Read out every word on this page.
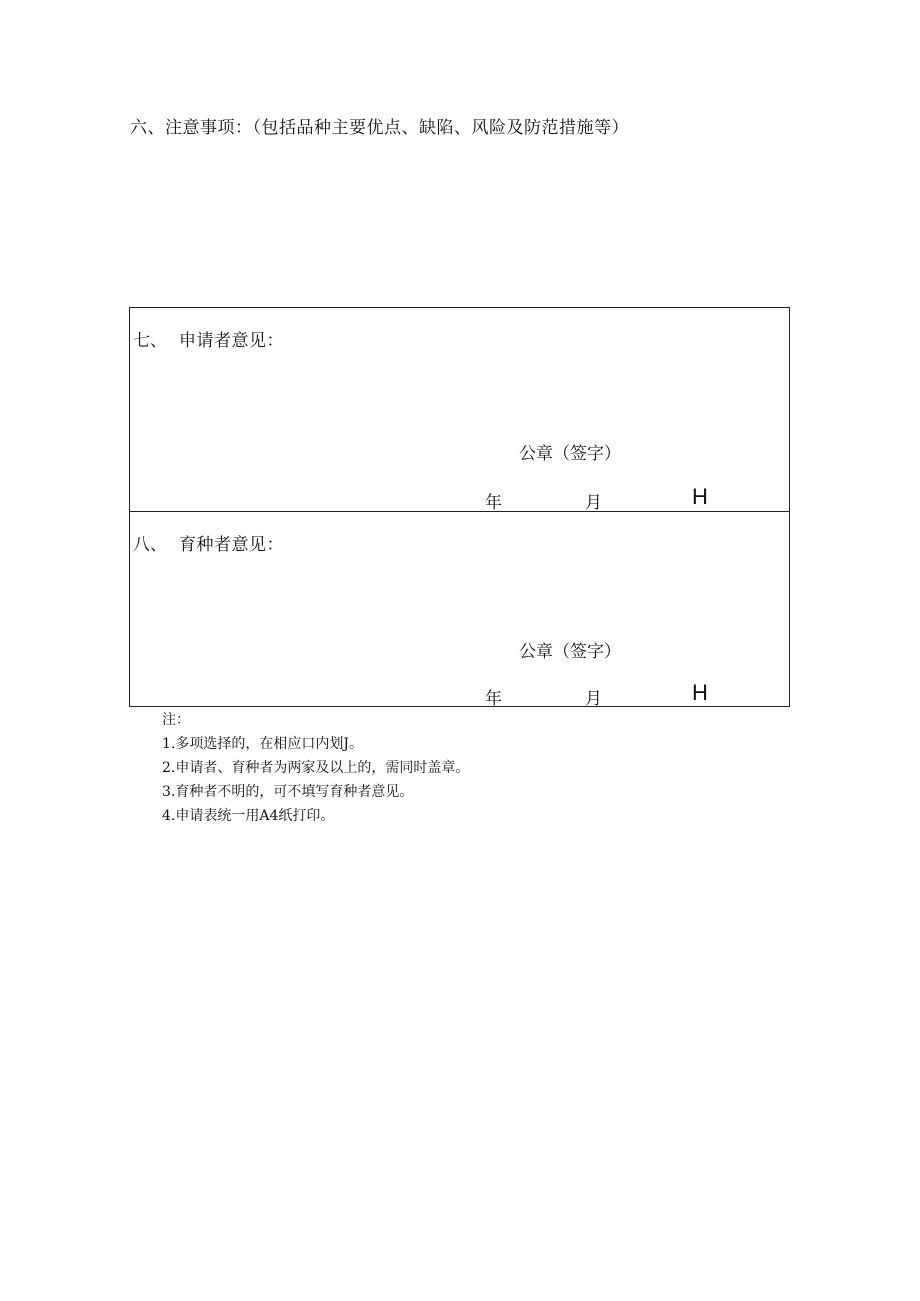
六、注意事项：（包括品种主要优点、缺陷、风险及防范措施等）
七、 申请者意见：
公章（签字）
年	月	H
八、 育种者意见：
公章（签字）
年	月	H
注：
1.多项选择的，在相应口内划J。
2.申请者、育种者为两家及以上的，需同时盖章。
3.育种者不明的，可不填写育种者意见。
4.申请表统一用A4纸打印。
